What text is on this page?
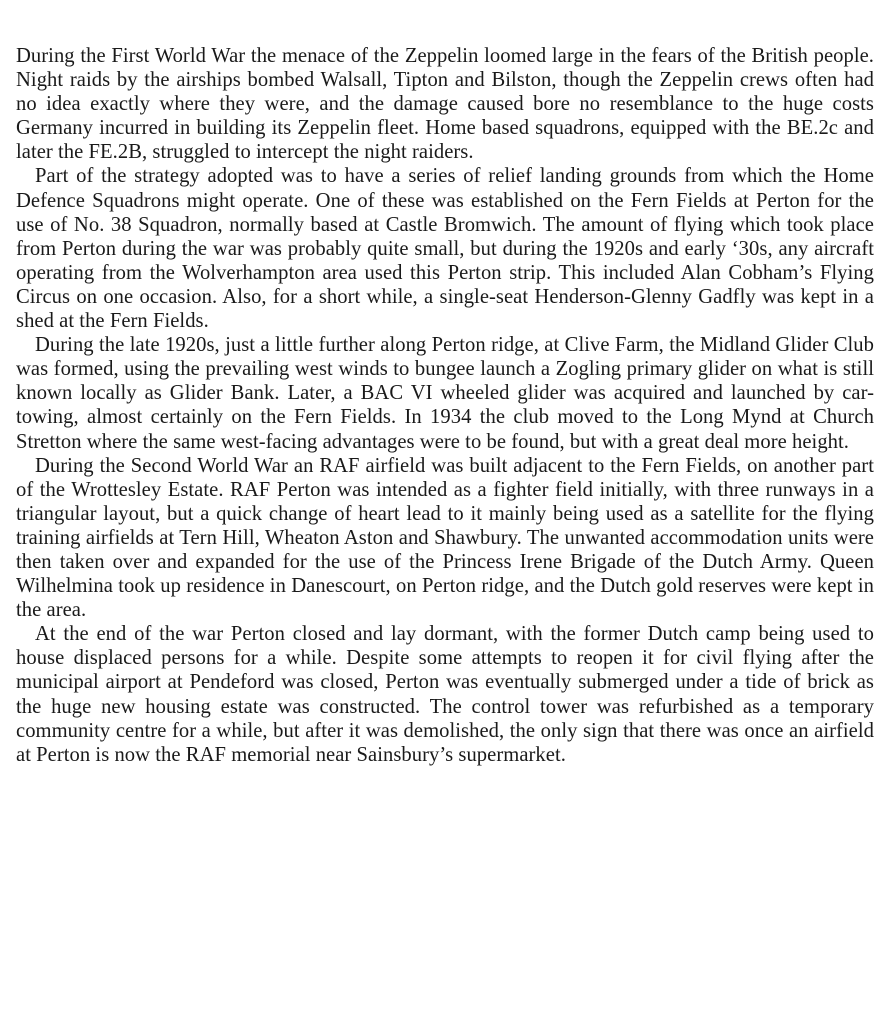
During the First World War the menace of the Zeppelin loomed large in the fears of the British people. Night raids by the airships bombed Walsall, Tipton and Bilston, though the Zeppelin crews often had no idea exactly where they were, and the damage caused bore no resemblance to the huge costs Germany incurred in building its Zeppelin fleet. Home based squadrons, equipped with the BE.2c and later the FE.2B, struggled to intercept the night raiders.

Part of the strategy adopted was to have a series of relief landing grounds from which the Home Defence Squadrons might operate. One of these was established on the Fern Fields at Perton for the use of No. 38 Squadron, normally based at Castle Bromwich. The amount of flying which took place from Perton during the war was probably quite small, but during the 1920s and early ‘30s, any aircraft operating from the Wolverhampton area used this Perton strip. This included Alan Cobham’s Flying Circus on one occasion. Also, for a short while, a single-seat Henderson-Glenny Gadfly was kept in a shed at the Fern Fields.

During the late 1920s, just a little further along Perton ridge, at Clive Farm, the Midland Glider Club was formed, using the prevailing west winds to bungee launch a Zogling primary glider on what is still known locally as Glider Bank. Later, a BAC VI wheeled glider was acquired and launched by car-towing, almost certainly on the Fern Fields. In 1934 the club moved to the Long Mynd at Church Stretton where the same west-facing advantages were to be found, but with a great deal more height.

During the Second World War an RAF airfield was built adjacent to the Fern Fields, on another part of the Wrottesley Estate. RAF Perton was intended as a fighter field initially, with three runways in a triangular layout, but a quick change of heart lead to it mainly being used as a satellite for the flying training airfields at Tern Hill, Wheaton Aston and Shawbury. The unwanted accommodation units were then taken over and expanded for the use of the Princess Irene Brigade of the Dutch Army. Queen Wilhelmina took up residence in Danescourt, on Perton ridge, and the Dutch gold reserves were kept in the area.

At the end of the war Perton closed and lay dormant, with the former Dutch camp being used to house displaced persons for a while. Despite some attempts to reopen it for civil flying after the municipal airport at Pendeford was closed, Perton was eventually submerged under a tide of brick as the huge new housing estate was constructed. The control tower was refurbished as a temporary community centre for a while, but after it was demolished, the only sign that there was once an airfield at Perton is now the RAF memorial near Sainsbury’s supermarket.
